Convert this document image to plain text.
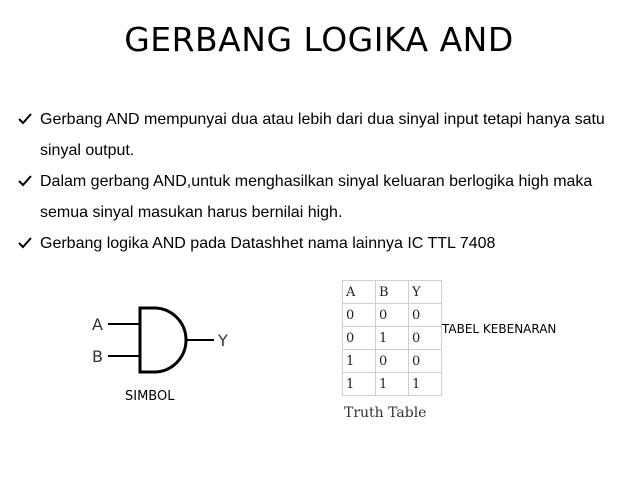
GERBANG LOGIKA AND
Gerbang AND mempunyai dua atau lebih dari dua sinyal input tetapi hanya satu sinyal output.
Dalam gerbang AND,untuk menghasilkan sinyal keluaran berlogika high maka semua sinyal masukan harus bernilai high.
Gerbang logika AND pada Datashhet nama lainnya IC TTL 7408
A
B
Y
SIMBOL
A	B	Y
0	0	0
0	1	0
1	0	0
1	1	1
Truth Table
TABEL KEBENARAN
